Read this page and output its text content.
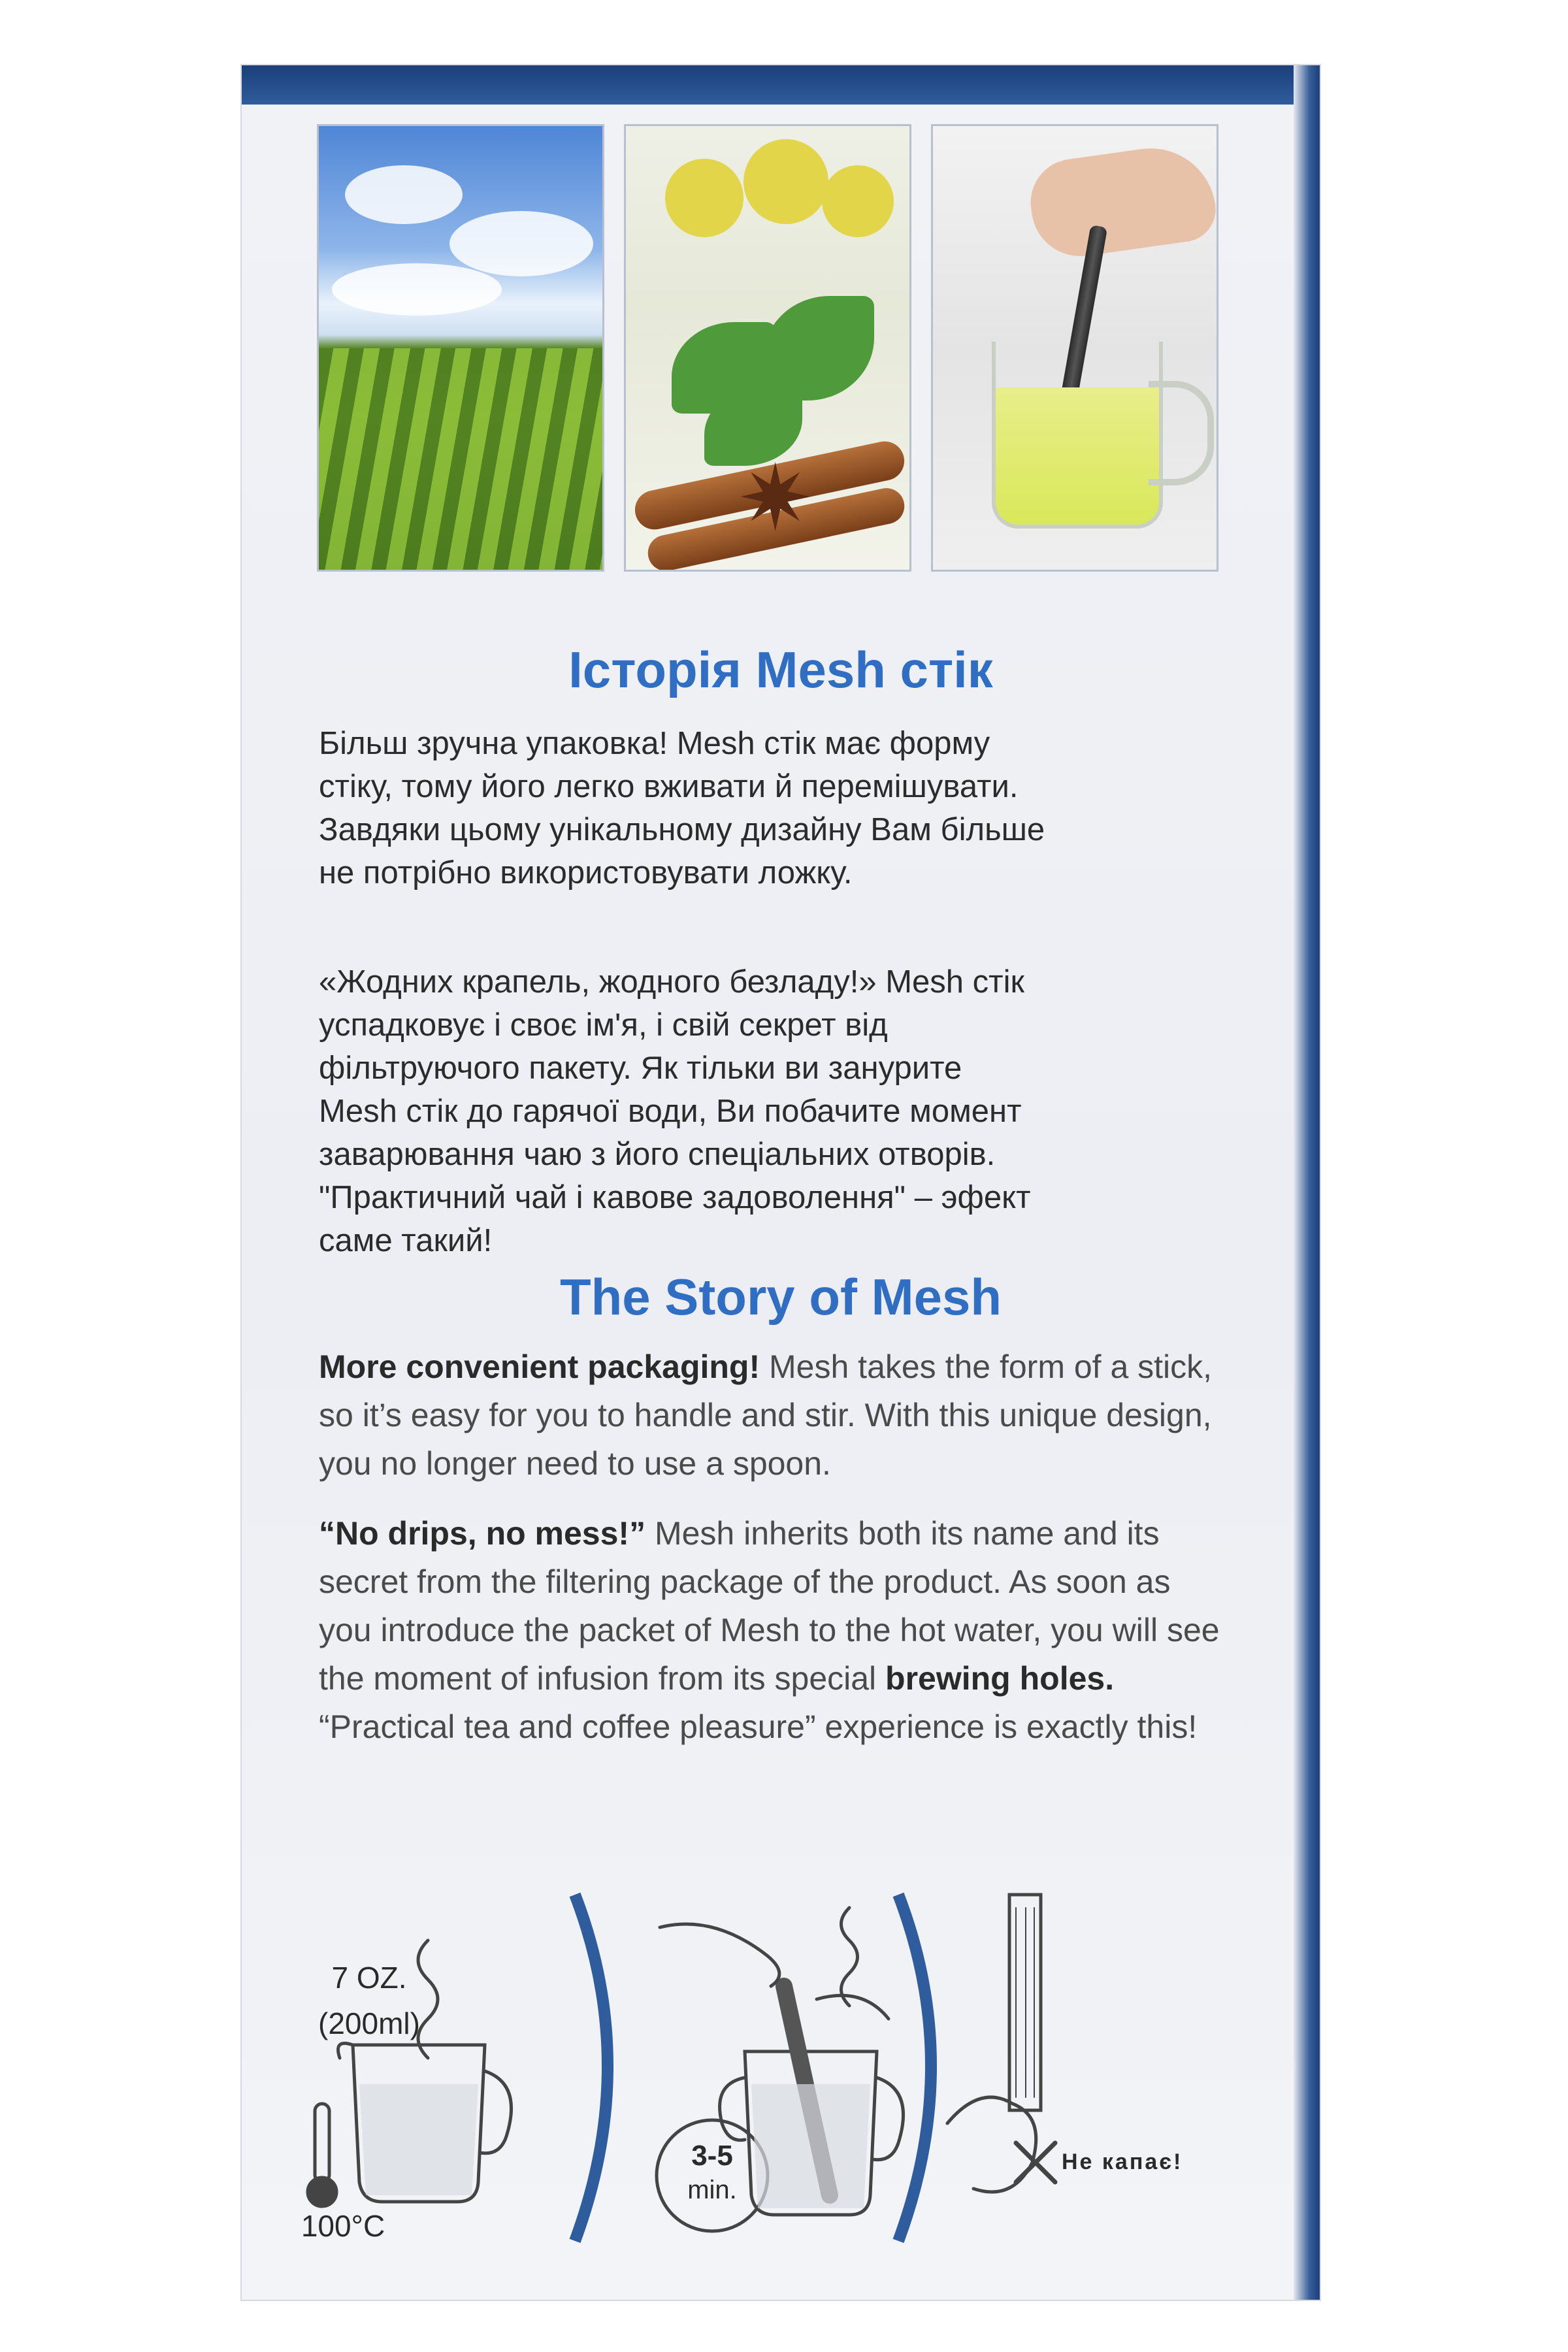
✷
Історія Mesh стік

Більш зручна упаковка! Mesh стік має форму
стіку, тому його легко вживати й перемішувати.
Завдяки цьому унікальному дизайну Вам більше
не потрібно використовувати ложку.

«Жодних крапель, жодного безладу!» Mesh стік
успадковує і своє ім'я, і свій секрет від
фільтруючого пакету. Як тільки ви занурите
Mesh стік до гарячої води, Ви побачите момент
заварювання чаю з його спеціальних отворів.
"Практичний чай і кавове задоволення" – эфект
саме такий!

The Story of Mesh

More convenient packaging! Mesh takes the form of a stick, so it’s easy for you to handle and stir. With this unique design, you no longer need to use a spoon.

“No drips, no mess!” Mesh inherits both its name and its secret from the filtering package of the product. As soon as you introduce the packet of Mesh to the hot water, you will see the moment of infusion from its special brewing holes. “Practical tea and coffee pleasure” experience is exactly this!

7 OZ.
(200ml)
100°C
3-5
min.
Не капає!
